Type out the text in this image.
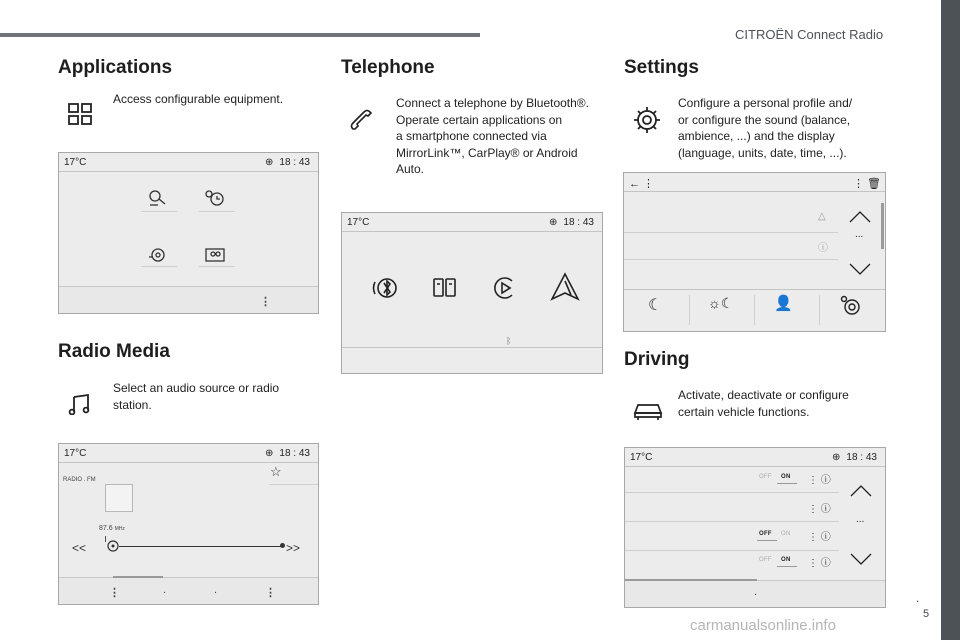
CITROËN Connect Radio
Applications
Access configurable equipment.
17°C	⊕ 18 : 43
⋮
Radio Media
Select an audio source or radio station.
17°C	⊕ 18 : 43
☆
RADIO . FM
87.6 MHz
<<	>>
⋮	.	.	⋮
Telephone
Connect a telephone by Bluetooth®.
Operate certain applications on
a smartphone connected via
MirrorLink™, CarPlay® or Android
Auto.
17°C	⊕ 18 : 43
ᛒ
Settings
Configure a personal profile and/
or configure the sound (balance,
ambience, ...) and the display
(language, units, date, time, ...).
← ⋮	⋮ 🗑
△
ⓘ
...
☾	☼☾	👤
Driving
Activate, deactivate or configure
certain vehicle functions.
17°C	⊕ 18 : 43
OFF ON ⋮ ⓘ
⋮ ⓘ
OFF ON ⋮ ⓘ
OFF ON ⋮ ⓘ
...
.	.
5
carmanualsonline.info
